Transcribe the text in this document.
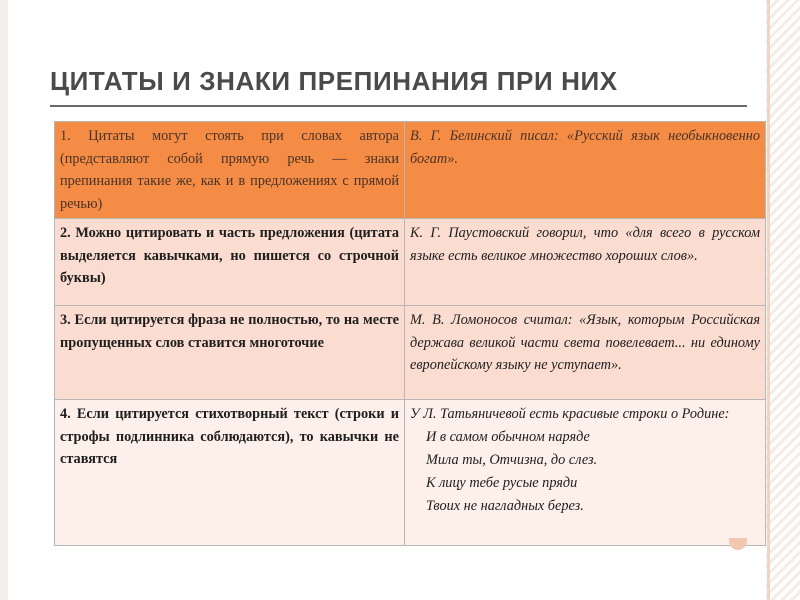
ЦИТАТЫ И ЗНАКИ ПРЕПИНАНИЯ ПРИ НИХ
1. Цитаты могут стоять при словах автора (представляют собой прямую речь — знаки препинания такие же, как и в предложениях с прямой речью)	В. Г. Белинский писал: «Русский язык необыкновенно богат».
2. Можно цитировать и часть предложения (цитата выделяется кавычками, но пишется со строчной буквы)	К. Г. Паустовский говорил, что «для всего в русском языке есть великое множество хороших слов».
3. Если цитируется фраза не полностью, то на месте пропущенных слов ставится многоточие	М. В. Ломоносов считал: «Язык, которым Российская держава великой части света повелевает... ни единому европейскому языку не уступает».
4. Если цитируется стихотворный текст (строки и строфы подлинника соблюдаются), то кавычки не ставятся	У Л. Татьяничевой есть красивые строки о Родине:
И в самом обычном наряде
Мила ты, Отчизна, до слез.
К лицу тебе русые пряди
Твоих не нагладных берез.
